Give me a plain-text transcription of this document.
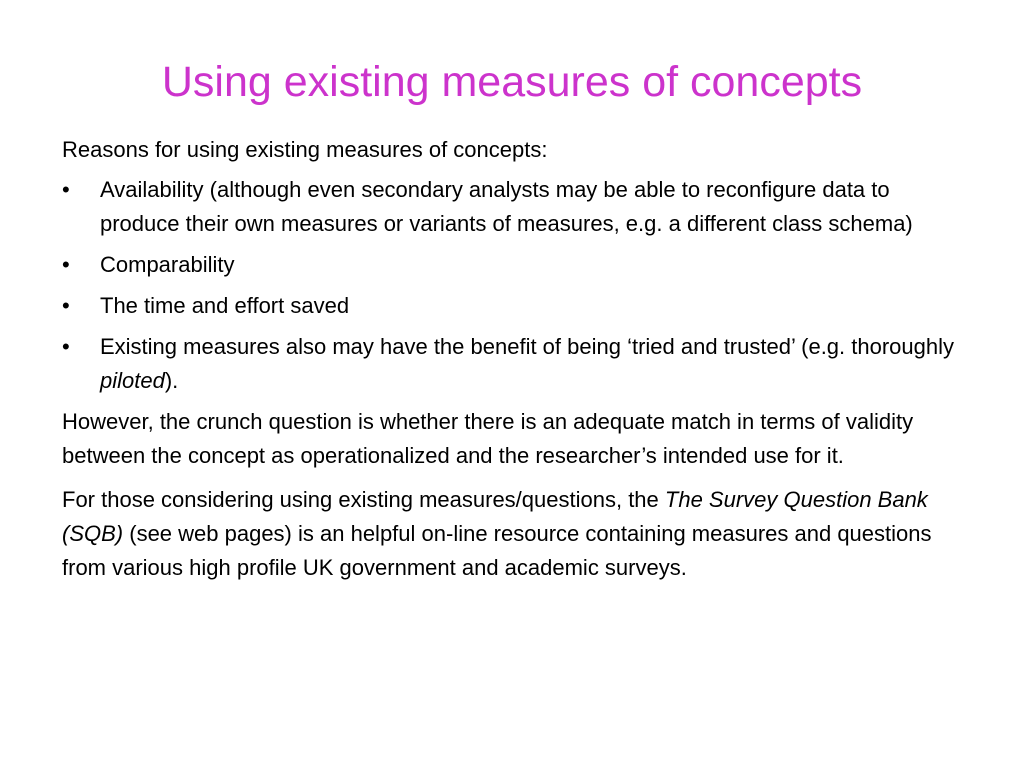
Using existing measures of concepts

Reasons for using existing measures of concepts:

• Availability (although even secondary analysts may be able to reconfigure data to produce their own measures or variants of measures, e.g. a different class schema)
• Comparability
• The time and effort saved
• Existing measures also may have the benefit of being ‘tried and trusted’ (e.g. thoroughly piloted).

However, the crunch question is whether there is an adequate match in terms of validity between the concept as operationalized and the researcher’s intended use for it.

For those considering using existing measures/questions, the The Survey Question Bank (SQB) (see web pages) is an helpful on-line resource containing measures and questions from various high profile UK government and academic surveys.
